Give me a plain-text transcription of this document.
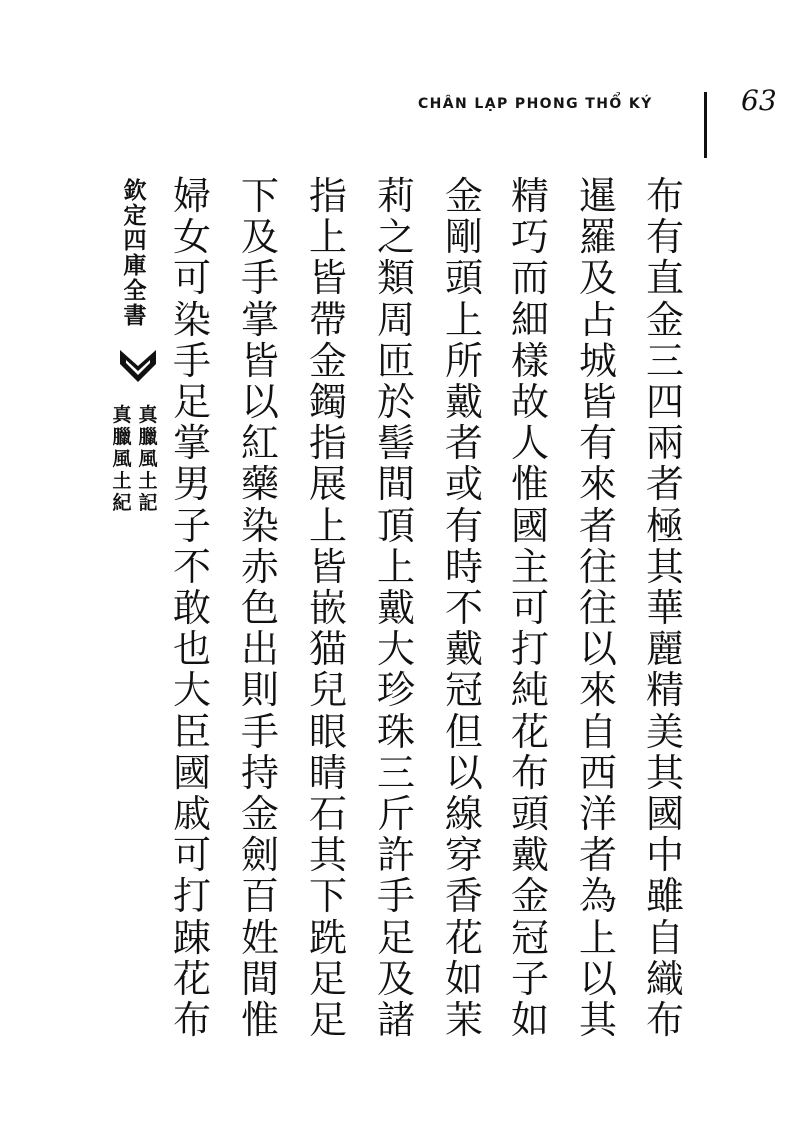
CHÂN LẠP PHONG THỔ KÝ	63
布
有
直
金
三
四
兩
者
極
其
華
麗
精
美
其
國
中
雖
自
織
布
暹
羅
及
占
城
皆
有
來
者
往
往
以
來
自
西
洋
者
為
上
以
其
精
巧
而
細
樣
故
人
惟
國
主
可
打
純
花
布
頭
戴
金
冠
子
如
金
剛
頭
上
所
戴
者
或
有
時
不
戴
冠
但
以
線
穿
香
花
如
茉
莉
之
類
周
匝
於
髻
間
頂
上
戴
大
珍
珠
三
斤
許
手
足
及
諸
指
上
皆
帶
金
鐲
指
展
上
皆
嵌
猫
兒
眼
睛
石
其
下
跣
足
足
下
及
手
掌
皆
以
紅
藥
染
赤
色
出
則
手
持
金
劍
百
姓
間
惟
婦
女
可
染
手
足
掌
男
子
不
敢
也
大
臣
國
戚
可
打
踈
花
布
欽
定
四
庫
全
書
真
臘
風
土
記
真
臘
風
土
紀
